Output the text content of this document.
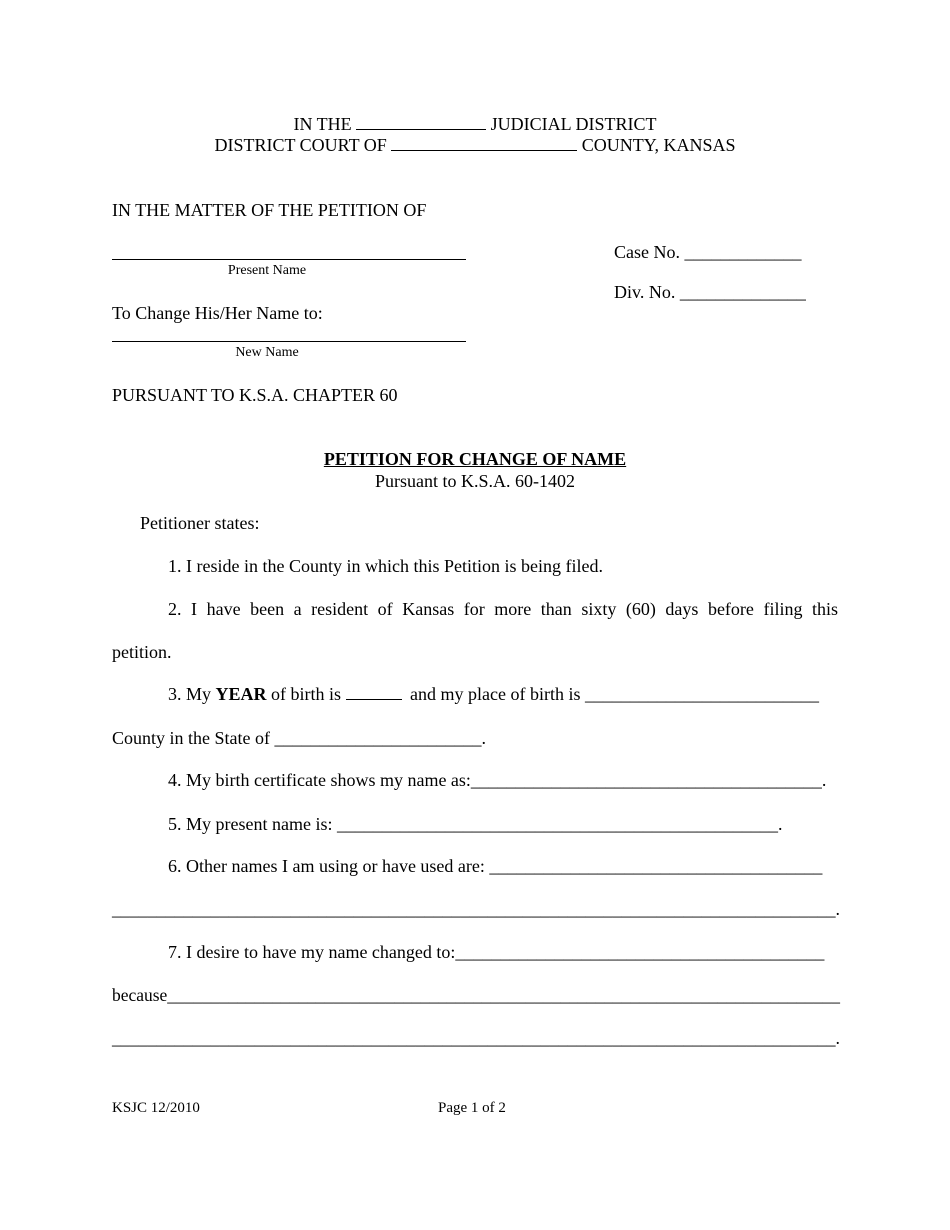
IN THE	JUDICIAL DISTRICT
DISTRICT COURT OF	COUNTY, KANSAS
IN THE MATTER OF THE PETITION OF
Present Name
To Change His/Her Name to:
New Name
PURSUANT TO K.S.A. CHAPTER 60
Case No. _____________
Div. No. ______________
PETITION FOR CHANGE OF NAME
Pursuant to K.S.A. 60-1402
Petitioner states:
1. I reside in the County in which this Petition is being filed.
2. I have been a resident of Kansas for more than sixty (60) days before filing this
petition.
3. My YEAR of birth is	and my place of birth is __________________________
County in the State of _______________________.
4. My birth certificate shows my name as:_______________________________________.
5. My present name is: _________________________________________________.
6. Other names I am using or have used are: _____________________________________
_________________________________________________________________________________.
7. I desire to have my name changed to:_________________________________________
because_____________________________________________________________________________
_________________________________________________________________________________.
KSJC 12/2010	Page 1 of 2
